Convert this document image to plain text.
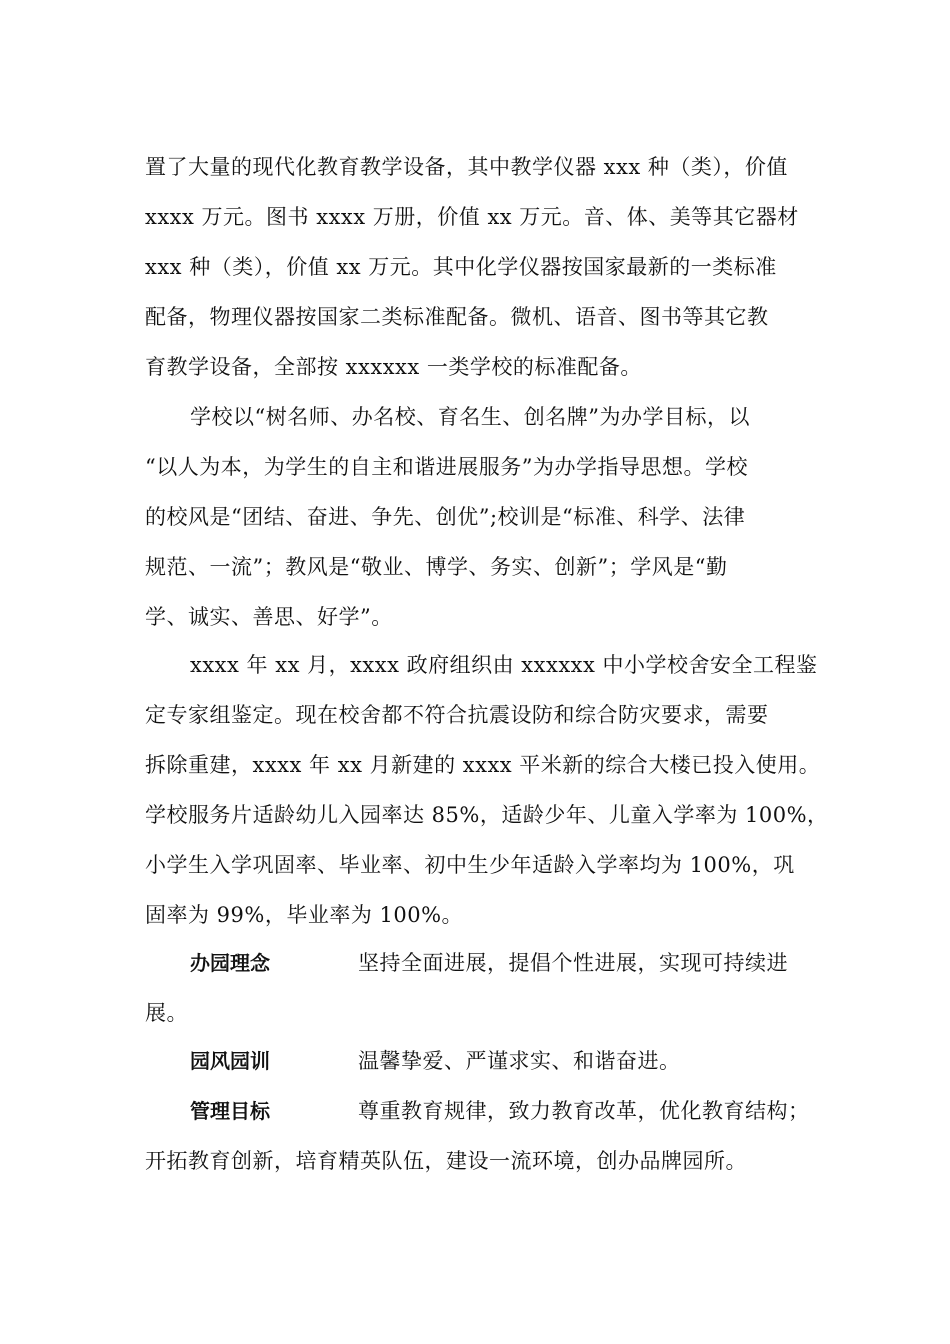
置了大量的现代化教育教学设备，其中教学仪器 xxx 种（类），价值
xxxx 万元。图书 xxxx 万册，价值 xx 万元。音、体、美等其它器材
xxx 种（类），价值 xx 万元。其中化学仪器按国家最新的一类标准
配备，物理仪器按国家二类标准配备。微机、语音、图书等其它教
育教学设备，全部按 xxxxxx 一类学校的标准配备。
学校以“树名师、办名校、育名生、创名牌”为办学目标，以
“以人为本，为学生的自主和谐进展服务”为办学指导思想。学校
的校风是“团结、奋进、争先、创优”;校训是“标准、科学、法律
规范、一流”；教风是“敬业、博学、务实、创新”；学风是“勤
学、诚实、善思、好学”。
xxxx 年 xx 月，xxxx 政府组织由 xxxxxx 中小学校舍安全工程鉴
定专家组鉴定。现在校舍都不符合抗震设防和综合防灾要求，需要
拆除重建，xxxx 年 xx 月新建的 xxxx 平米新的综合大楼已投入使用。
学校服务片适龄幼儿入园率达 85%，适龄少年、儿童入学率为 100%，
小学生入学巩固率、毕业率、初中生少年适龄入学率均为 100%，巩
固率为 99%，毕业率为 100%。
办园理念	坚持全面进展，提倡个性进展，实现可持续进
展。
园风园训	温馨挚爱、严谨求实、和谐奋进。
管理目标	尊重教育规律，致力教育改革，优化教育结构；
开拓教育创新，培育精英队伍，建设一流环境，创办品牌园所。
